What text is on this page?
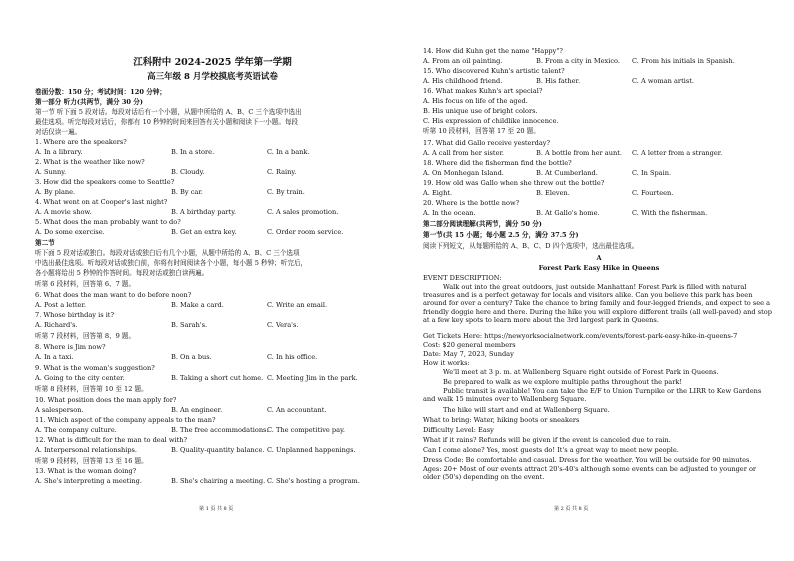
江科附中 2024-2025 学年第一学期
高三年级 8 月学校摸底考英语试卷
卷面分数：150 分；考试时间：120 分钟；
第一部分 听力(共两节，满分 30 分)
第一节 听下面 5 段对话。每段对话后有一个小题，从题中所给的 A、B、C 三个选项中选出
最佳选项。听完每段对话后，你都有 10 秒钟的时间来回答有关小题和阅读下一小题。每段
对话仅读一遍。
1. Where are the speakers?
A. In a library.	B. In a store.	C. In a bank.
2. What is the weather like now?
A. Sunny.	B. Cloudy.	C. Rainy.
3. How did the speakers come to Seattle?
A. By plane.	B. By car.	C. By train.
4. What went on at Cooper's last night?
A. A movie show.	B. A birthday party.	C. A sales promotion.
5. What does the man probably want to do?
A. Do some exercise.	B. Get an extra key.	C. Order room service.
第二节
听下面 5 段对话或独白。每段对话或独白后有几个小题，从题中所给的 A、B、C 三个选项
中选出最佳选项。听每段对话或独白前，你将有时间阅读各个小题，每小题 5 秒钟；听完后，
各小题将给出 5 秒钟的作答时间。每段对话或独白读两遍。
听第 6 段材料，回答第 6、7 题。
6. What does the man want to do before noon?
A. Post a letter.	B. Make a card.	C. Write an email.
7. Whose birthday is it?
A. Richard's.	B. Sarah's.	C. Vera's.
听第 7 段材料，回答第 8、9 题。
8. Where is Jim now?
A. In a taxi.	B. On a bus.	C. In his office.
9. What is the woman's suggestion?
A. Going to the city center.	B. Taking a short cut home. C. Meeting Jim in the park.
听第 8 段材料，回答第 10 至 12 题。
10. What position does the man apply for?
A salesperson.	B. An engineer.	C. An accountant.
11. Which aspect of the company appeals to the man?
A. The company culture.	B. The free accommodations.
C. The competitive pay.
12. What is difficult for the man to deal with?
A. Interpersonal relationships.	B. Quality-quantity balance. C. Unplanned happenings.
听第 9 段材料，回答第 13 至 16 题。
13. What is the woman doing?
A. She's interpreting a meeting.	B. She's chairing a meeting. C. She's hosting a program.
第 1 页 共 8 页
14. How did Kuhn get the name "Happy"?
A. From an oil painting.	B. From a city in Mexico. C. From his initials in Spanish.
15. Who discovered Kuhn's artistic talent?
A. His childhood friend.	B. His father.	C. A woman artist.
16. What makes Kuhn's art special?
A. His focus on life of the aged.
B. His unique use of bright colors.
C. His expression of childlike innocence.
听第 10 段材料，回答第 17 至 20 题。
17. What did Gallo receive yesterday?
A. A call from her sister.	B. A bottle from her aunt. C. A letter from a stranger.
18. Where did the fisherman find the bottle?
A. On Monhegan Island.	B. At Cumberland.	C. In Spain.
19. How old was Gallo when she threw out the bottle?
A. Eight.	B. Eleven.	C. Fourteen.
20. Where is the bottle now?
A. In the ocean.	B. At Gallo's home.	C. With the fisherman.
第二部分阅读理解(共两节，满分 50 分)
第一节(共 15 小题；每小题 2.5 分，满分 37.5 分)
阅读下列短文，从每题所给的 A、B、C、D 四个选项中，选出最佳选项。
A
Forest Park Easy Hike in Queens
EVENT DESCRIPTION:
Walk out into the great outdoors, just outside Manhattan! Forest Park is filled with natural treasures and is a perfect getaway for locals and visitors alike. Can you believe this park has been around for over a century? Take the chance to bring family and four-legged friends, and expect to see a friendly doggie here and there. During the hike you will explore different trails (all well-paved) and stop at a few key spots to learn more about the 3rd largest park in Queens.
Get Tickets Here: https://newyorksocialnetwork.com/events/forest-park-easy-hike-in-queens-7
Cost: $20 general members
Date: May 7, 2023, Sunday
How it works:
We'll meet at 3 p. m. at Wallenberg Square right outside of Forest Park in Queens.
Be prepared to walk as we explore multiple paths throughout the park!
Public transit is available! You can take the E/F to Union Turnpike or the LIRR to Kew Gardens and walk 15 minutes over to Wallenberg Square.
The hike will start and end at Wallenberg Square.
What to bring: Water, hiking boots or sneakers
Difficulty Level: Easy
What if it rains? Refunds will be given if the event is canceled due to rain.
Can I come alone? Yes, most guests do! It's a great way to meet new people.
Dress Code: Be comfortable and casual. Dress for the weather. You will be outside for 90 minutes.
Ages: 20+ Most of our events attract 20's-40's although some events can be adjusted to younger or older (50's) depending on the event.
第 2 页 共 8 页
